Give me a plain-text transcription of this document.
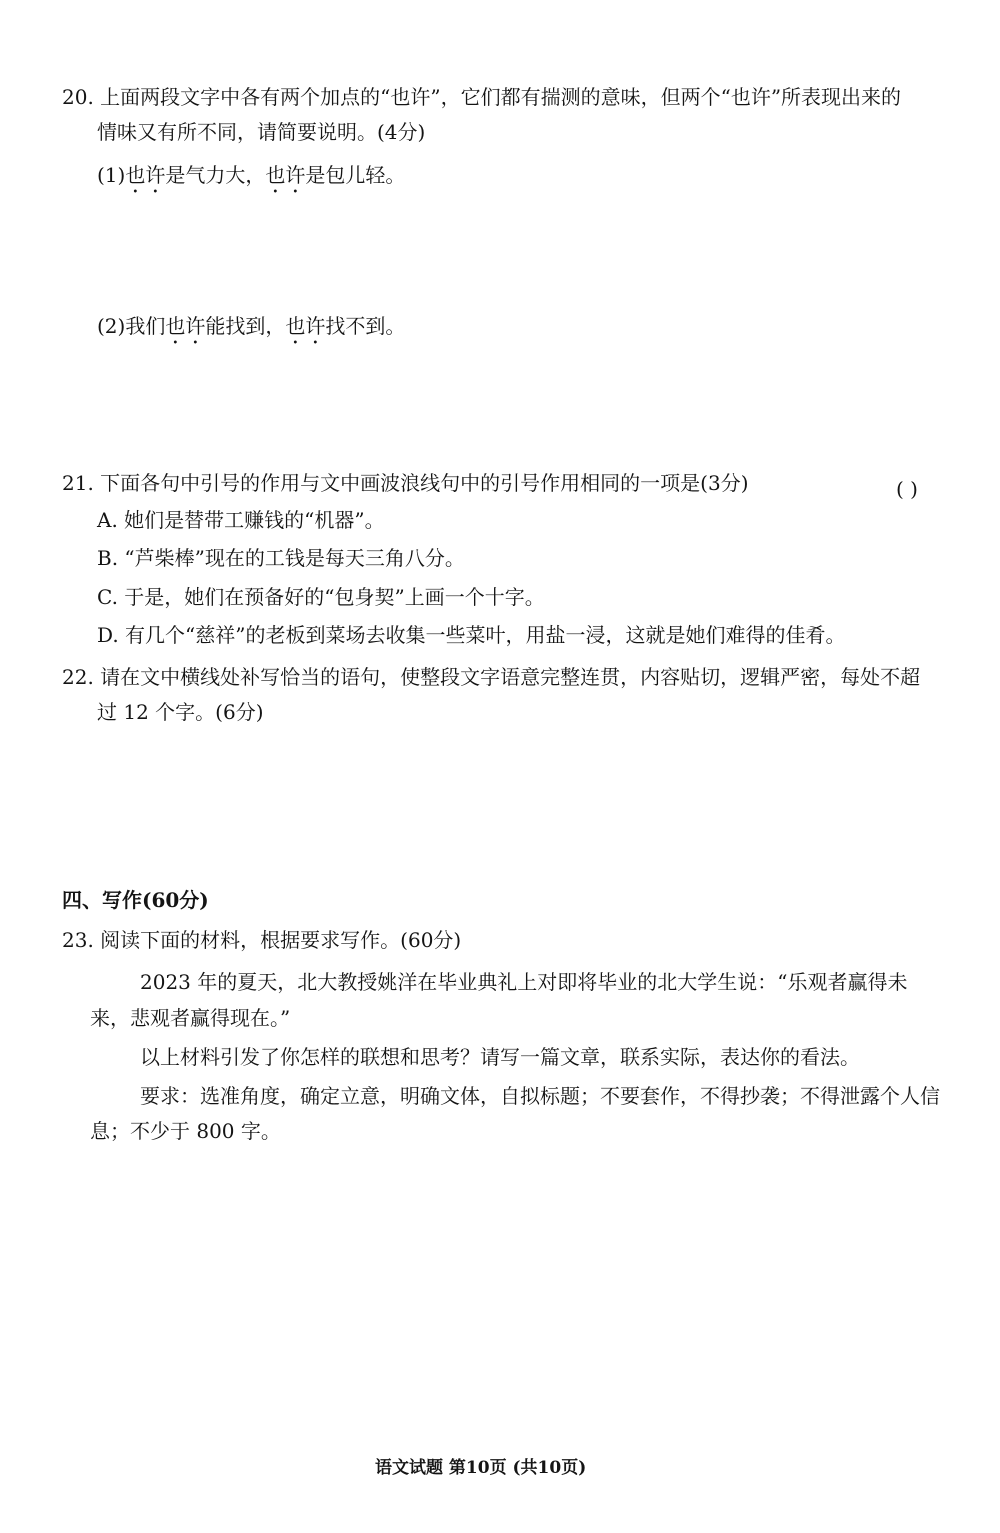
20. 上面两段文字中各有两个加点的“也许”，它们都有揣测的意味，但两个“也许”所表现出来的
情味又有所不同，请简要说明。(4分)
(1)也许是气力大，也许是包儿轻。
(2)我们也许能找到，也许找不到。
21. 下面各句中引号的作用与文中画波浪线句中的引号作用相同的一项是(3分)	( )
A. 她们是替带工赚钱的“机器”。
B. “芦柴棒”现在的工钱是每天三角八分。
C. 于是，她们在预备好的“包身契”上画一个十字。
D. 有几个“慈祥”的老板到菜场去收集一些菜叶，用盐一浸，这就是她们难得的佳肴。
22. 请在文中横线处补写恰当的语句，使整段文字语意完整连贯，内容贴切，逻辑严密，每处不超
过 12 个字。(6分)
四、写作(60分)
23. 阅读下面的材料，根据要求写作。(60分)
2023 年的夏天，北大教授姚洋在毕业典礼上对即将毕业的北大学生说：“乐观者赢得未
来，悲观者赢得现在。”
以上材料引发了你怎样的联想和思考？请写一篇文章，联系实际，表达你的看法。
要求：选准角度，确定立意，明确文体，自拟标题；不要套作，不得抄袭；不得泄露个人信
息；不少于 800 字。
语文试题 第10页 (共10页)
